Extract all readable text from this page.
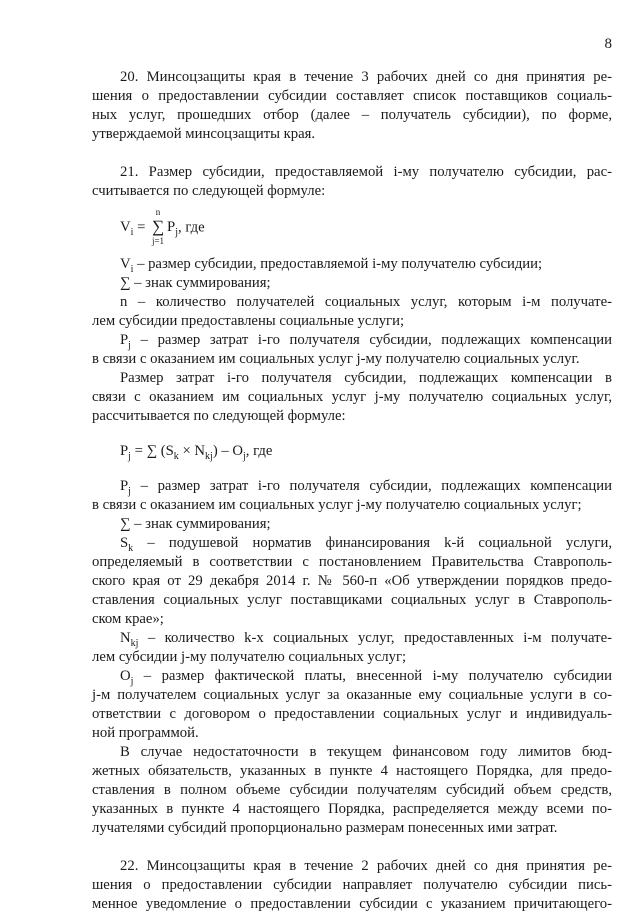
8

20. Минсоцзащиты края в течение 3 рабочих дней со дня принятия ре-

шения о предоставлении субсидии составляет список поставщиков социаль-

ных услуг, прошедших отбор (далее – получатель субсидии), по форме,

утверждаемой минсоцзащиты края.

21. Размер субсидии, предоставляемой i-му получателю субсидии, рас-

считывается по следующей формуле:

$V_i$ =
n
∑
j=1
$P_j$, где

$V_i$ – размер субсидии, предоставляемой i-му получателю субсидии;

∑ – знак суммирования;

n – количество получателей социальных услуг, которым i-м получате-

лем субсидии предоставлены социальные услуги;

$P_j$ – размер затрат i-го получателя субсидии, подлежащих компенсации

в связи с оказанием им социальных услуг j-му получателю социальных услуг.

Размер затрат i-го получателя субсидии, подлежащих компенсации в

связи с оказанием им социальных услуг j-му получателю социальных услуг,

рассчитывается по следующей формуле:

$P_j$ = ∑ $(S_k \times N_{kj}) - O_j$, где

$P_j$ – размер затрат i-го получателя субсидии, подлежащих компенсации

в связи с оказанием им социальных услуг j-му получателю социальных услуг;

∑ – знак суммирования;

$S_k$ – подушевой норматив финансирования k-й социальной услуги,

определяемый в соответствии с постановлением Правительства Ставрополь-

ского края от 29 декабря 2014 г. № 560-п «Об утверждении порядков предо-

ставления социальных услуг поставщиками социальных услуг в Ставрополь-

ском крае»;

$N_{kj}$ – количество k-х социальных услуг, предоставленных i-м получате-

лем субсидии j-му получателю социальных услуг;

$O_j$ – размер фактической платы, внесенной i-му получателю субсидии

j-м получателем социальных услуг за оказанные ему социальные услуги в со-

ответствии с договором о предоставлении социальных услуг и индивидуаль-

ной программой.

В случае недостаточности в текущем финансовом году лимитов бюд-

жетных обязательств, указанных в пункте 4 настоящего Порядка, для предо-

ставления в полном объеме субсидии получателям субсидий объем средств,

указанных в пункте 4 настоящего Порядка, распределяется между всеми по-

лучателями субсидий пропорционально размерам понесенных ими затрат.

22. Минсоцзащиты края в течение 2 рабочих дней со дня принятия ре-

шения о предоставлении субсидии направляет получателю субсидии пись-

менное уведомление о предоставлении субсидии с указанием причитающего-
